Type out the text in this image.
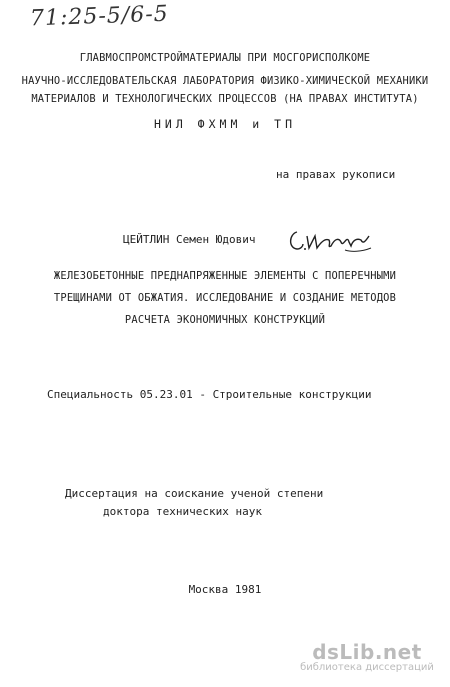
71:25-5/6-5
ГЛАВМОСПРОМСТРОЙМАТЕРИАЛЫ ПРИ МОСГОРИСПОЛКОМЕ
НАУЧНО-ИССЛЕДОВАТЕЛЬСКАЯ ЛАБОРАТОРИЯ ФИЗИКО-ХИМИЧЕСКОЙ МЕХАНИКИ
МАТЕРИАЛОВ И ТЕХНОЛОГИЧЕСКИХ ПРОЦЕССОВ (НА ПРАВАХ ИНСТИТУТА)
НИЛ ФХММ и ТП
на правах рукописи
ЦЕЙТЛИН Семен Юдович
ЖЕЛЕЗОБЕТОННЫЕ ПРЕДНАПРЯЖЕННЫЕ ЭЛЕМЕНТЫ С ПОПЕРЕЧНЫМИ
ТРЕЩИНАМИ ОТ ОБЖАТИЯ. ИССЛЕДОВАНИЕ И СОЗДАНИЕ МЕТОДОВ
РАСЧЕТА ЭКОНОМИЧНЫХ КОНСТРУКЦИЙ
Специальность 05.23.01 - Строительные конструкции
Диссертация на соискание ученой степени
доктора технических наук
Москва 1981
dsLib.net
библиотека диссертаций
